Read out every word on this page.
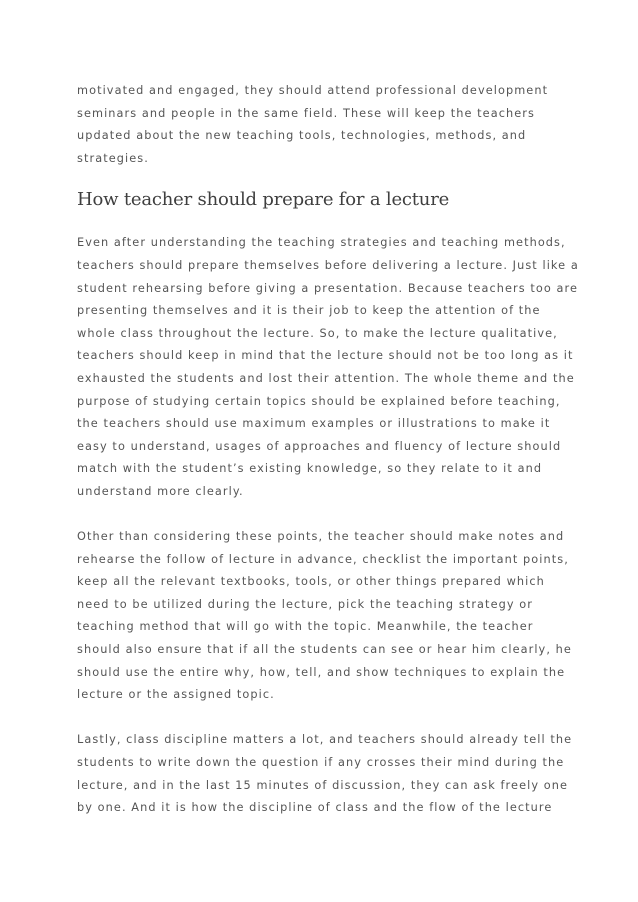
motivated and engaged, they should attend professional development
seminars and people in the same field. These will keep the teachers
updated about the new teaching tools, technologies, methods, and
strategies.
How teacher should prepare for a lecture
Even after understanding the teaching strategies and teaching methods,
teachers should prepare themselves before delivering a lecture. Just like a
student rehearsing before giving a presentation. Because teachers too are
presenting themselves and it is their job to keep the attention of the
whole class throughout the lecture. So, to make the lecture qualitative,
teachers should keep in mind that the lecture should not be too long as it
exhausted the students and lost their attention. The whole theme and the
purpose of studying certain topics should be explained before teaching,
the teachers should use maximum examples or illustrations to make it
easy to understand, usages of approaches and fluency of lecture should
match with the student’s existing knowledge, so they relate to it and
understand more clearly.
Other than considering these points, the teacher should make notes and
rehearse the follow of lecture in advance, checklist the important points,
keep all the relevant textbooks, tools, or other things prepared which
need to be utilized during the lecture, pick the teaching strategy or
teaching method that will go with the topic. Meanwhile, the teacher
should also ensure that if all the students can see or hear him clearly, he
should use the entire why, how, tell, and show techniques to explain the
lecture or the assigned topic.
Lastly, class discipline matters a lot, and teachers should already tell the
students to write down the question if any crosses their mind during the
lecture, and in the last 15 minutes of discussion, they can ask freely one
by one. And it is how the discipline of class and the flow of the lecture
